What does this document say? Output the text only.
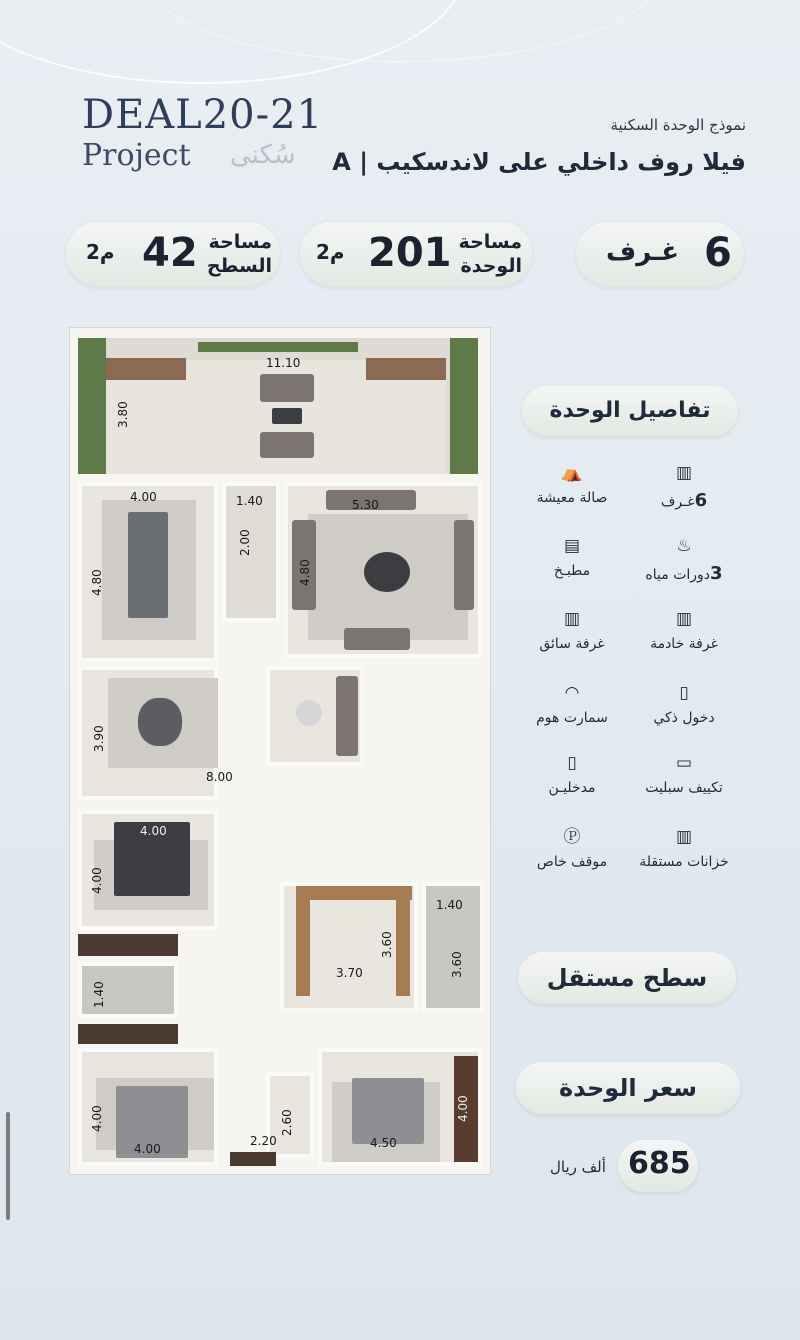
DEAL20-21
Project سُكنى
نموذج الوحدة السكنية
فيلا روف داخلي على لاندسكيب | A
م2 42 مساحة
السطح
م2 201 مساحة
الوحدة	غـرف 6
11.10
3.80
4.00
4.80
1.40
2.00
5.30
4.80
3.90
8.00
4.00
4.00
3.70
3.60
1.40
3.60
1.40
4.00
4.00
2.60
2.20	4.50
4.00
تفاصيل الوحدة
▥
6غـرف
⛺
صالة معيشة
♨
3دورات مياه
▤
مطبـخ
▥
غرفة خادمة
▥
غرفة سائق
▯
دخول ذكي
◠
سمارت هوم
▭
تكييف سبليت
▯
مدخليـن
▥
خزانات مستقلة
Ⓟ
موقف خاص
سطح مستقل
سعر الوحدة
685
ألف ريال
